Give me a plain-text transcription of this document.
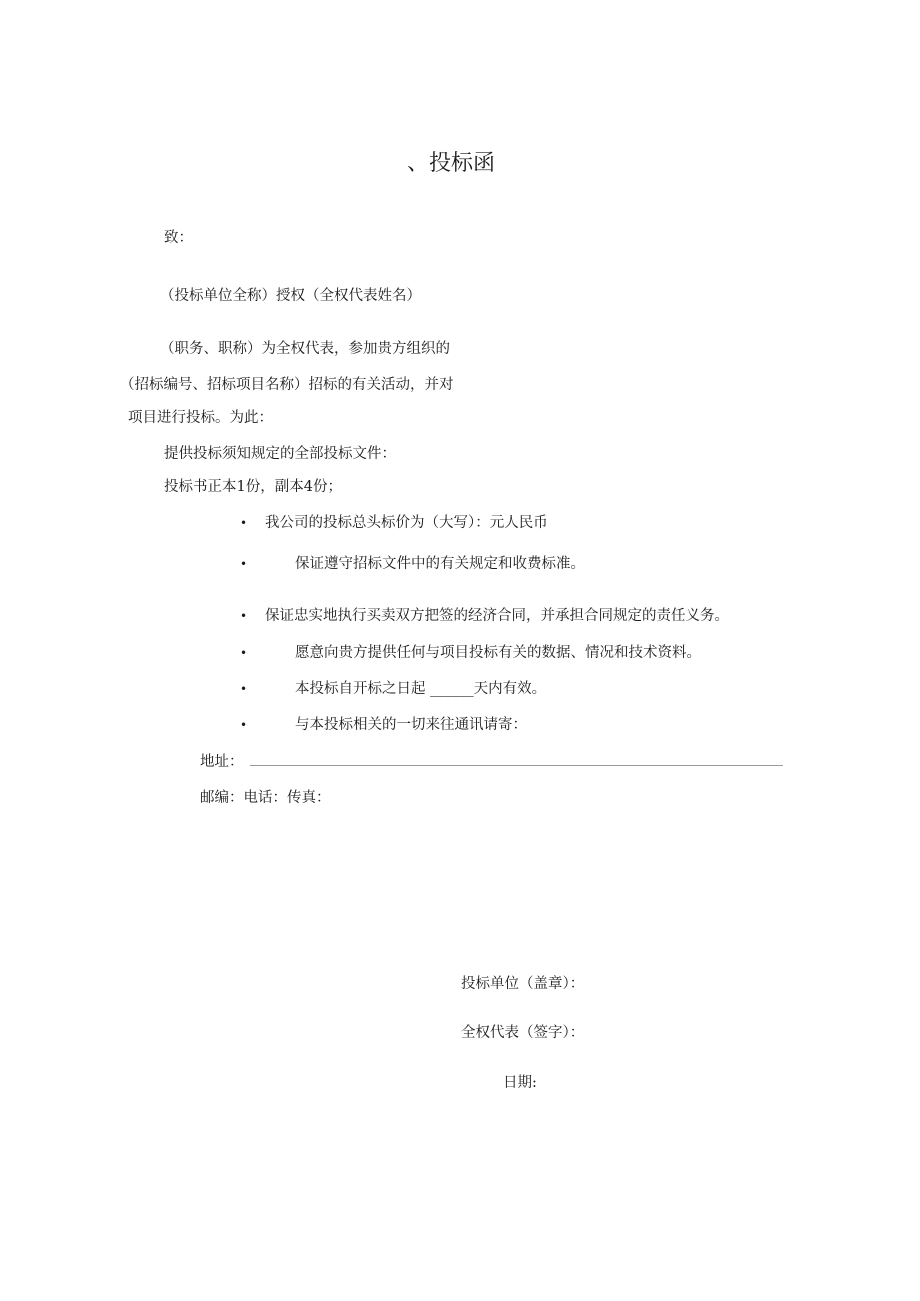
、投标函
致：
（投标单位全称）授权（全权代表姓名）
（职务、职称）为全权代表，参加贵方组织的
（招标编号、招标项目名称）招标的有关活动，并对
项目进行投标。为此：
提供投标须知规定的全部投标文件：
投标书正本1份，副本4份；
• 我公司的投标总头标价为（大写）：元人民币
•	保证遵守招标文件中的有关规定和收费标准。
• 保证忠实地执行买卖双方把签的经济合同，并承担合同规定的责任义务。
•	愿意向贵方提供任何与项目投标有关的数据、情况和技术资料。
•	本投标自开标之日起 ______天内有效。
•	与本投标相关的一切来往通讯请寄：
地址：
邮编：电话：传真：
投标单位（盖章）：
全权代表（签字）：
日期:
